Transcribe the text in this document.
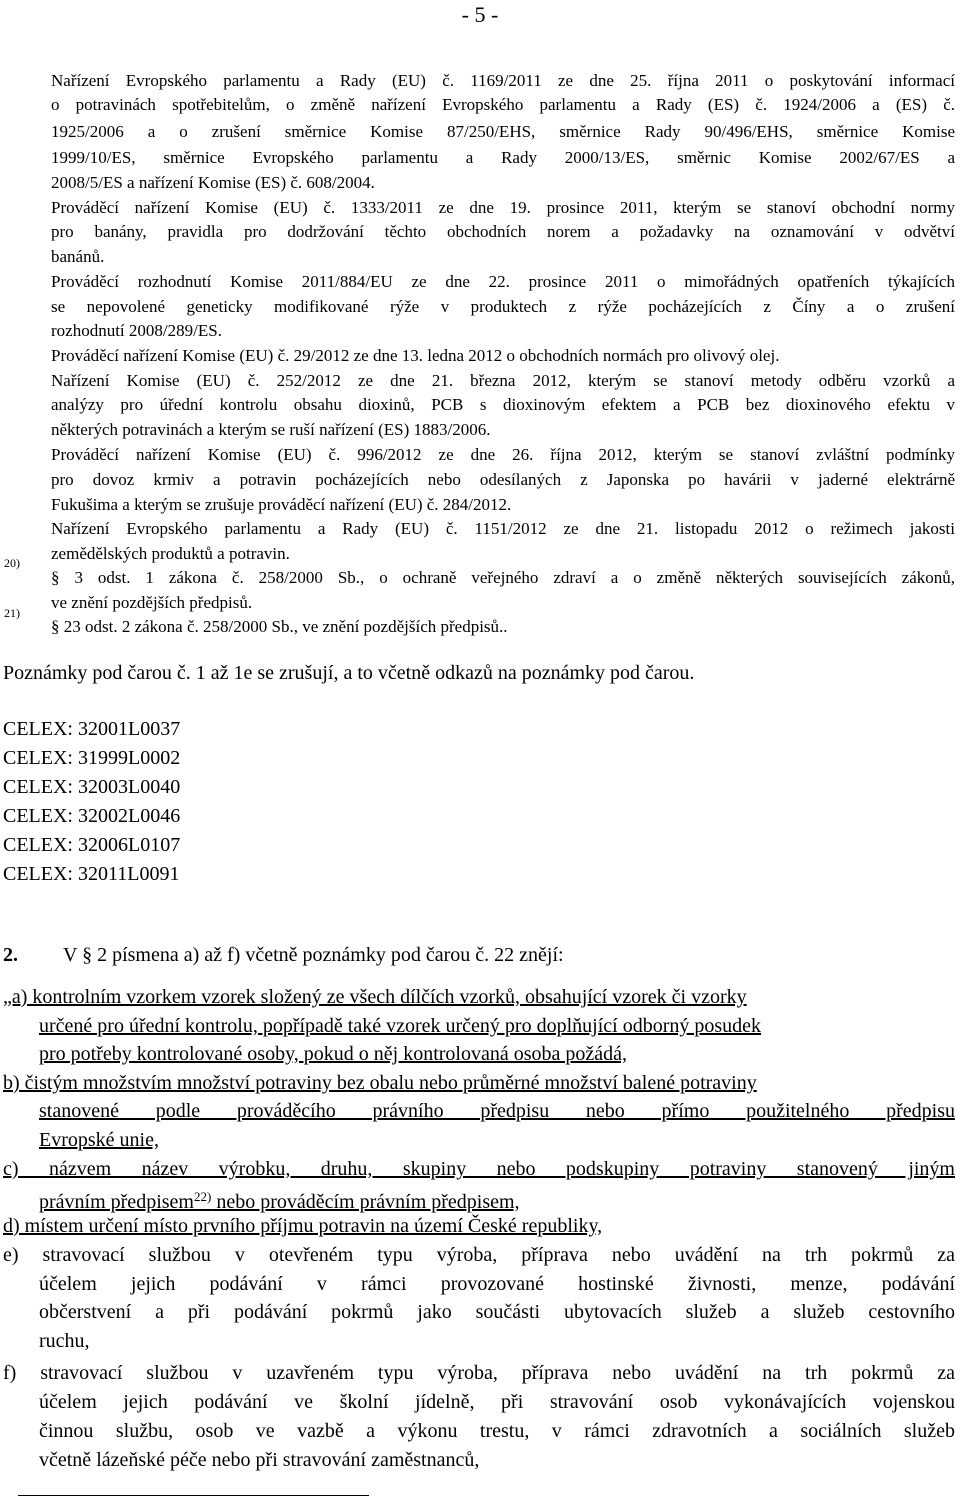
- 5 -
Nařízení Evropského parlamentu a Rady (EU) č. 1169/2011 ze dne 25. října 2011 o poskytování informací
o potravinách spotřebitelům, o změně nařízení Evropského parlamentu a Rady (ES) č. 1924/2006 a (ES) č.
1925/2006 a o zrušení směrnice Komise 87/250/EHS, směrnice Rady 90/496/EHS, směrnice Komise
1999/10/ES, směrnice Evropského parlamentu a Rady 2000/13/ES, směrnic Komise 2002/67/ES a
2008/5/ES a nařízení Komise (ES) č. 608/2004.
Prováděcí nařízení Komise (EU) č. 1333/2011 ze dne 19. prosince 2011, kterým se stanoví obchodní normy
pro banány, pravidla pro dodržování těchto obchodních norem a požadavky na oznamování v odvětví
banánů.
Prováděcí rozhodnutí Komise 2011/884/EU ze dne 22. prosince 2011 o mimořádných opatřeních týkajících
se nepovolené geneticky modifikované rýže v produktech z rýže pocházejících z Číny a o zrušení
rozhodnutí 2008/289/ES.
Prováděcí nařízení Komise (EU) č. 29/2012 ze dne 13. ledna 2012 o obchodních normách pro olivový olej.
Nařízení Komise (EU) č. 252/2012 ze dne 21. března 2012, kterým se stanoví metody odběru vzorků a
analýzy pro úřední kontrolu obsahu dioxinů, PCB s dioxinovým efektem a PCB bez dioxinového efektu v
některých potravinách a kterým se ruší nařízení (ES) 1883/2006.
Prováděcí nařízení Komise (EU) č. 996/2012 ze dne 26. října 2012, kterým se stanoví zvláštní podmínky
pro dovoz krmiv a potravin pocházejících nebo odesílaných z Japonska po havárii v jaderné elektrárně
Fukušima a kterým se zrušuje prováděcí nařízení (EU) č. 284/2012.
Nařízení Evropského parlamentu a Rady (EU) č. 1151/2012 ze dne 21. listopadu 2012 o režimech jakosti
zemědělských produktů a potravin.
20)
§ 3 odst. 1 zákona č. 258/2000 Sb., o ochraně veřejného zdraví a o změně některých souvisejících zákonů,
ve znění pozdějších předpisů.
21)
§ 23 odst. 2 zákona č. 258/2000 Sb., ve znění pozdějších předpisů..
Poznámky pod čarou č. 1 až 1e se zrušují, a to včetně odkazů na poznámky pod čarou.
CELEX: 32001L0037
CELEX: 31999L0002
CELEX: 32003L0040
CELEX: 32002L0046
CELEX: 32006L0107
CELEX: 32011L0091
2. V § 2 písmena a) až f) včetně poznámky pod čarou č. 22 znějí:
„a) kontrolním vzorkem vzorek složený ze všech dílčích vzorků, obsahující vzorek či vzorky
určené pro úřední kontrolu, popřípadě také vzorek určený pro doplňující odborný posudek
pro potřeby kontrolované osoby, pokud o něj kontrolovaná osoba požádá,
b) čistým množstvím množství potraviny bez obalu nebo průměrné množství balené potraviny
stanovené podle prováděcího právního předpisu nebo přímo použitelného předpisu
Evropské unie,
c) názvem název výrobku, druhu, skupiny nebo podskupiny potraviny stanovený jiným
právním předpisem$^{22)}$ nebo prováděcím právním předpisem,
d) místem určení místo prvního příjmu potravin na území České republiky,
e) stravovací službou v otevřeném typu výroba, příprava nebo uvádění na trh pokrmů za
účelem jejich podávání v rámci provozované hostinské živnosti, menze, podávání
občerstvení a při podávání pokrmů jako součásti ubytovacích služeb a služeb cestovního
ruchu,
f) stravovací službou v uzavřeném typu výroba, příprava nebo uvádění na trh pokrmů za
účelem jejich podávání ve školní jídelně, při stravování osob vykonávajících vojenskou
činnou službu, osob ve vazbě a výkonu trestu, v rámci zdravotních a sociálních služeb
včetně lázeňské péče nebo při stravování zaměstnanců,
